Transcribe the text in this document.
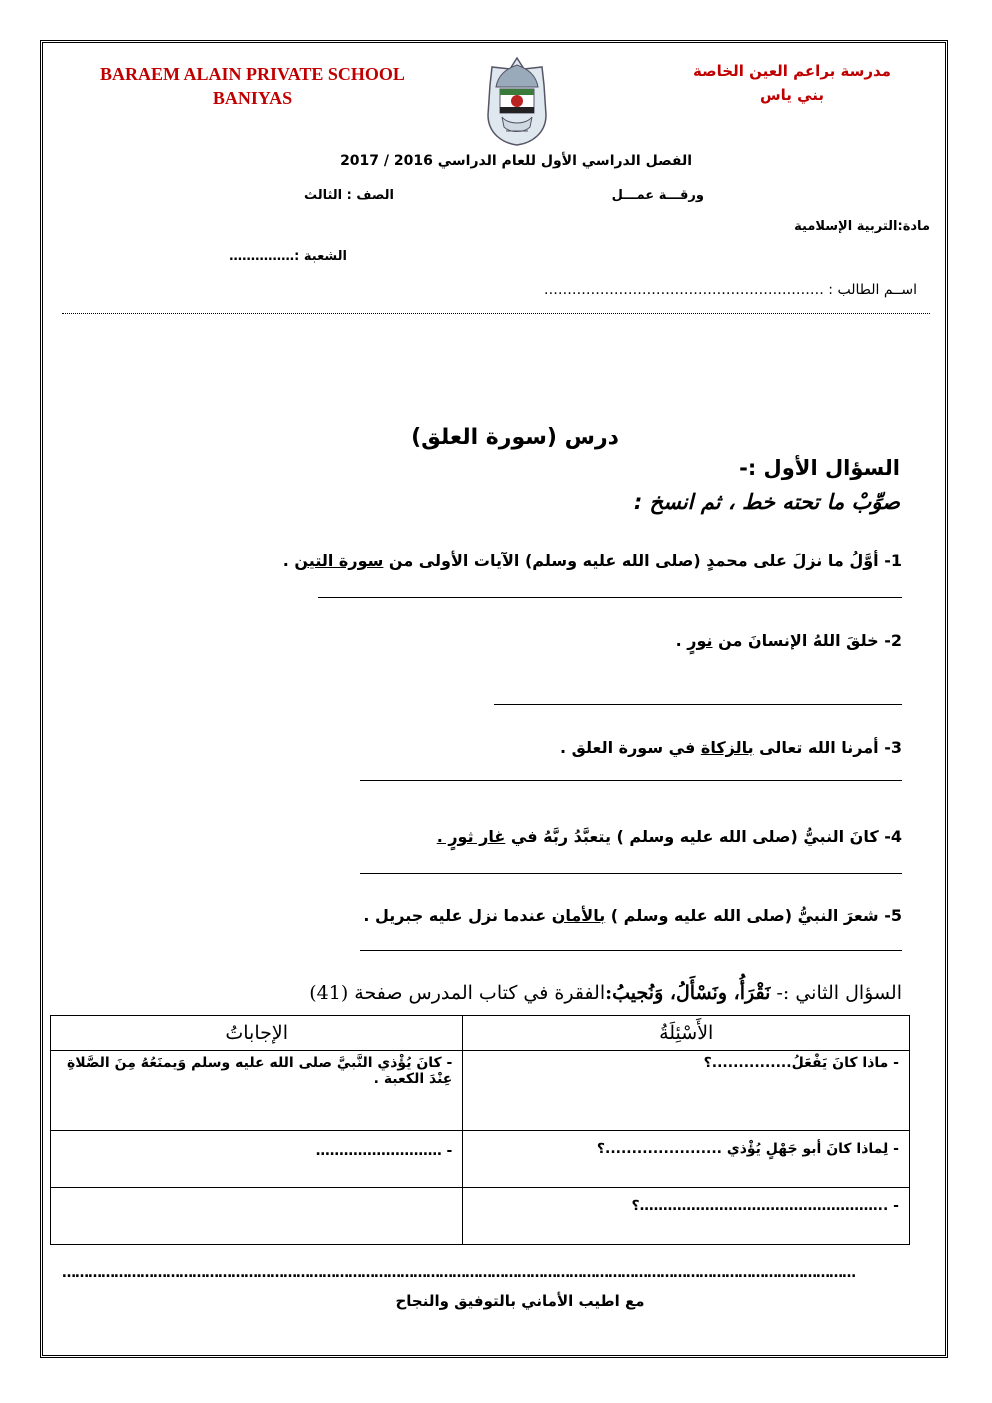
BARAEM ALAIN PRIVATE SCHOOL
BANIYAS
مدرسة براعم العين الخاصة
بني ياس
الفصل الدراسي الأول للعام الدراسي 2016 / 2017
ورقـــة عمـــل
الصف : الثالث
مادة:التربية الإسلامية
الشعبة :……………
اســم الطالب : ……………………………………………………
درس (سورة العلق)
السؤال الأول :-
صوِّبْ ما تحته خط ، ثم انسخ :
1- أوَّلُ ما نزلَ على محمدٍ (صلى الله عليه وسلم) الآيات الأولى من سورة التين .
2- خلقَ اللهُ الإنسانَ من نورٍ .
3- أمرنا الله تعالى بالزكاة في سورة العلق .
4- كانَ النبيُّ (صلى الله عليه وسلم ) يتعبَّدُ ربَّهُ في غار ثورٍ .
5- شعرَ النبيُّ (صلى الله عليه وسلم ) بالأمان عندما نزل عليه جبريل .
السؤال الثاني :- نَقْرَأُ، ونَسْأَلُ، وَنُجيبُ:الفقرة في كتاب المدرس صفحة (41)
الإجاباتُ	الأَسْئِلَةُ
- كانَ يُؤْذي النَّبيَّ صلى الله عليه وسلم وَيمنَعُهُ مِنَ الصَّلاةِ عِنْدَ الكعبة .	- ماذا كانَ يَفْعَلُ...............؟
- ………………………	- لِماذا كانَ أبو جَهْلٍ يُؤْذي ......................؟
	- ..……………………………………………؟
…………………………………………………………………………………………………………………………………………………………………
مع اطيب الأماني بالتوفيق والنجاح
